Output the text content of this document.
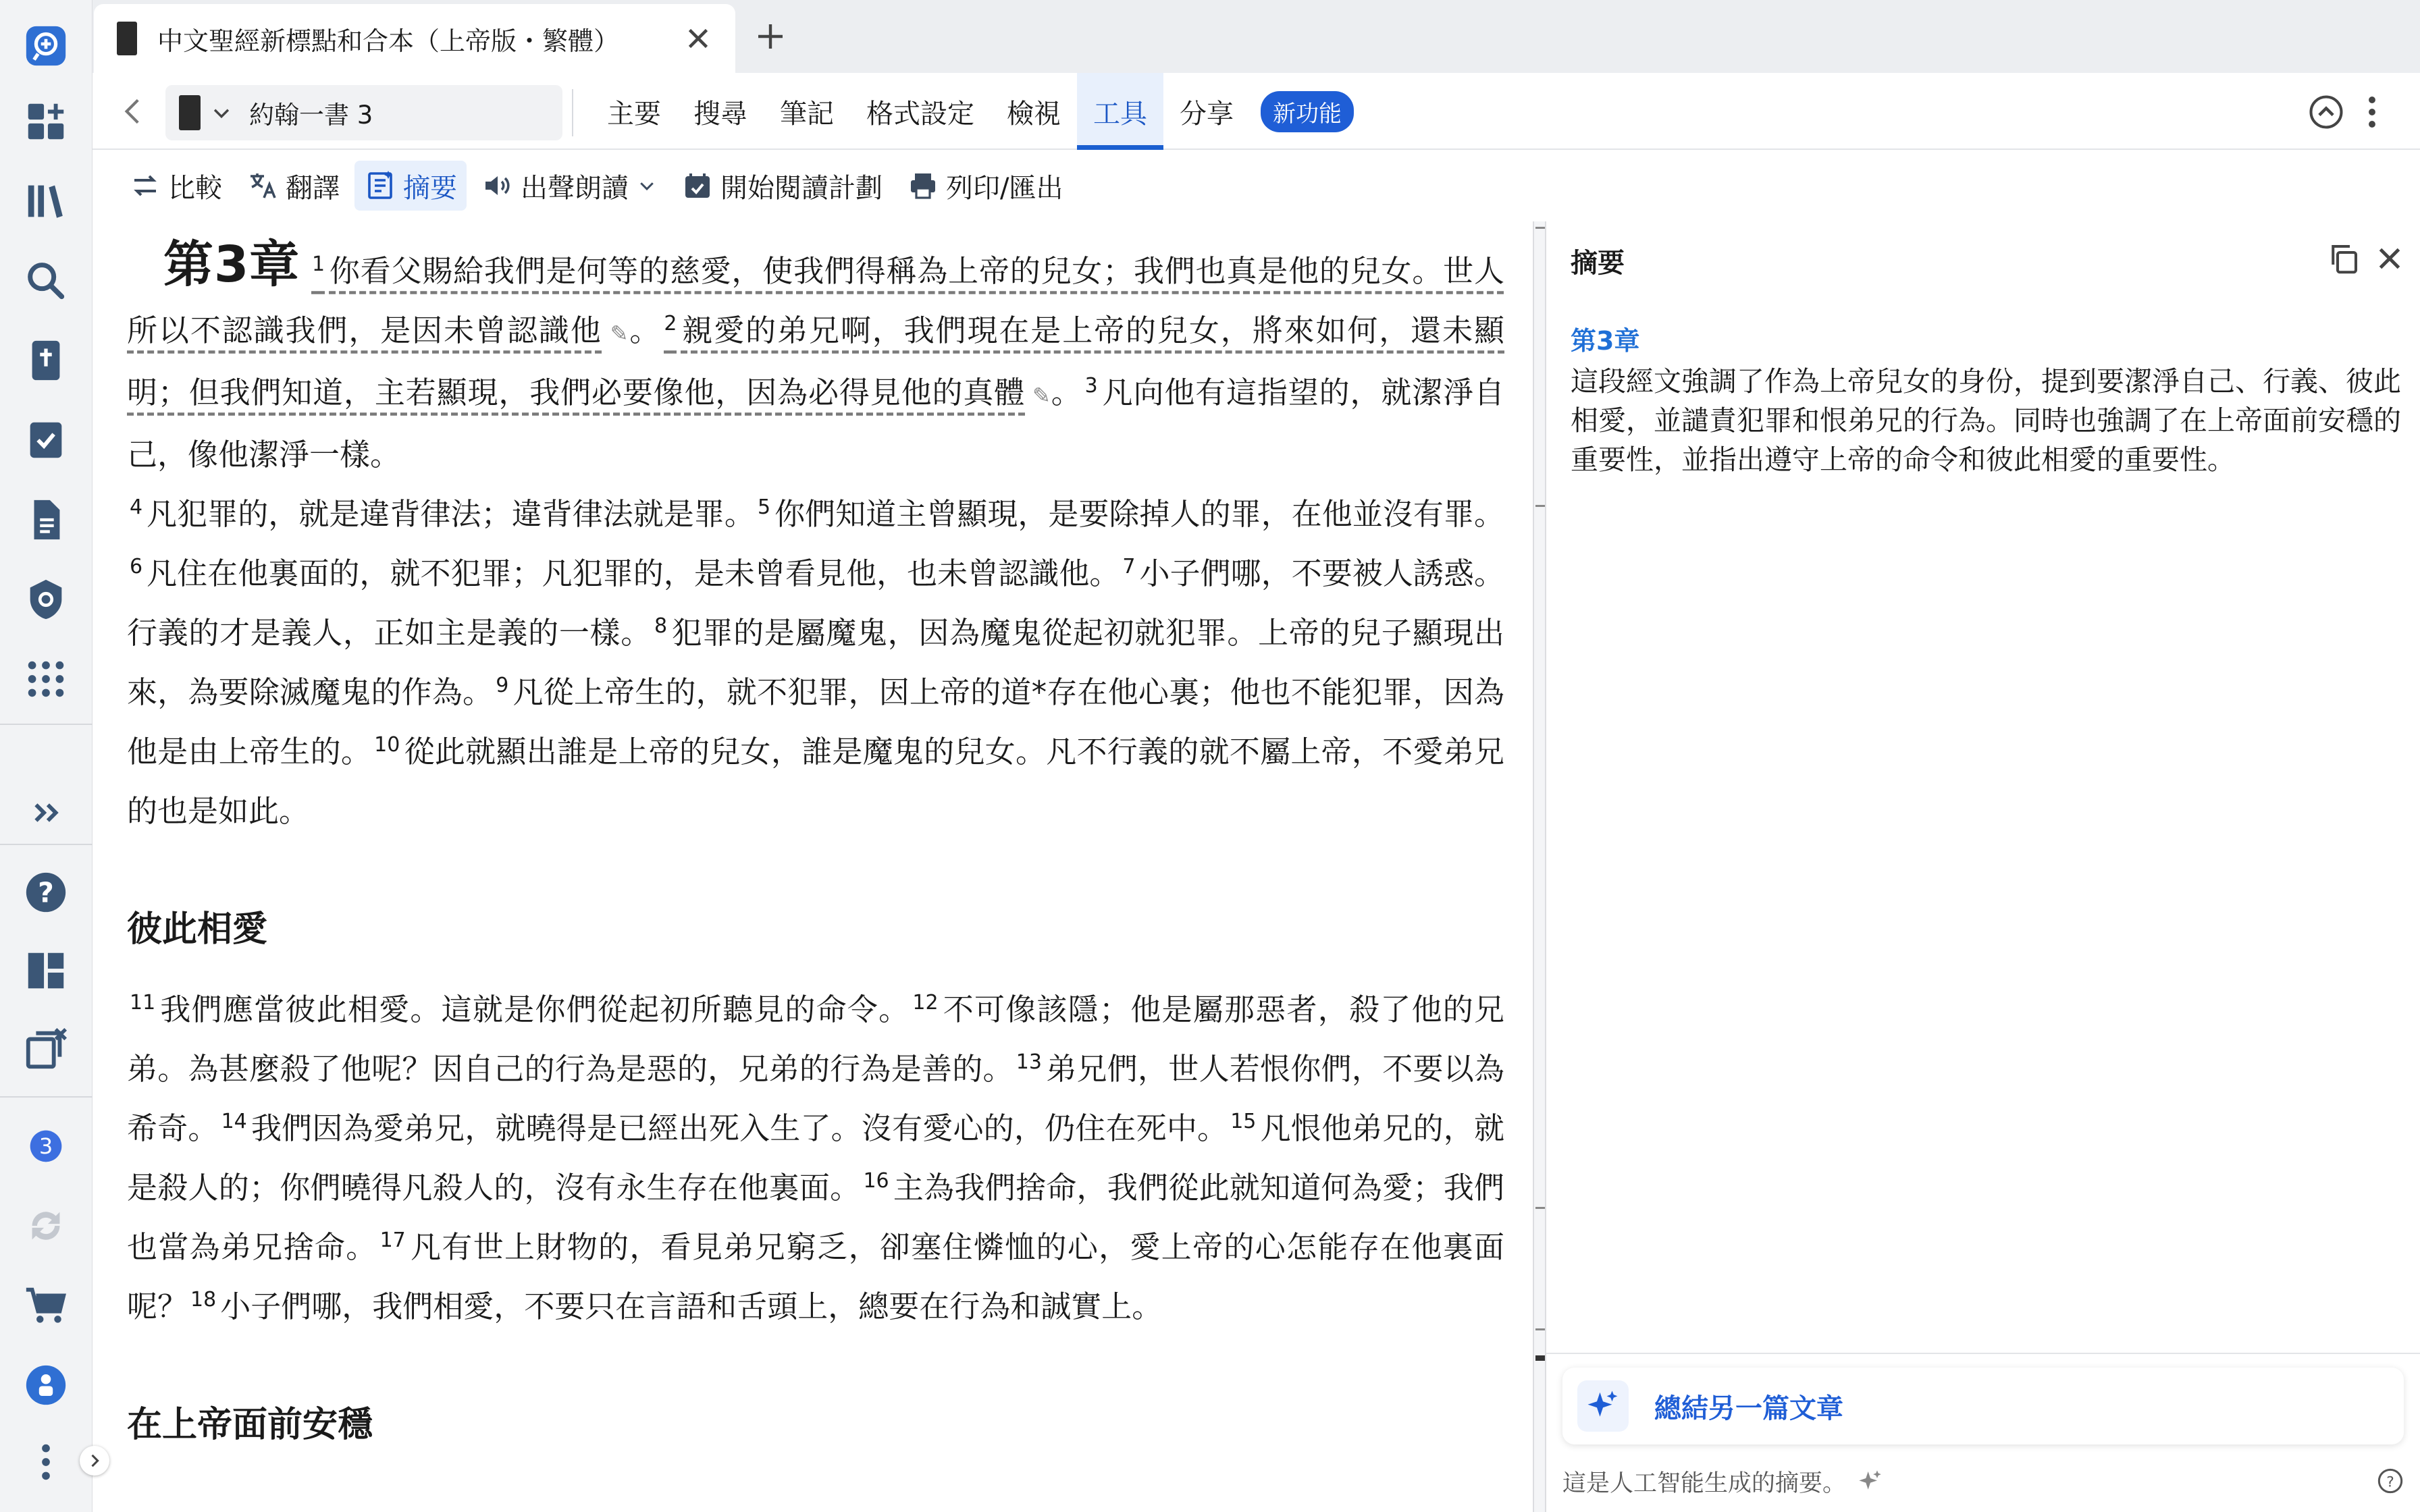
?
3
中文聖經新標點和合本（上帝版・繁體）
約翰一書 3	主要	搜尋	筆記	格式設定	檢視	工具	分享	新功能
比較 翻譯 摘要 出聲朗讀	開始閱讀計劃 列印/匯出

第3章 $^1$ 你看父賜給我們是何等的慈愛，使我們得稱為上帝的兒女；我們也真是他的兒女。世人所以不認識我們，是因未曾認識他 ✎。 $^2$ 親愛的弟兄啊，我們現在是上帝的兒女，將來如何，還未顯明；但我們知道，主若顯現，我們必要像他，因為必得見他的真體 ✎。 $^3$ 凡向他有這指望的，就潔淨自己，像他潔淨一樣。

$^4$ 凡犯罪的，就是違背律法；違背律法就是罪。 $^5$ 你們知道主曾顯現，是要除掉人的罪，在他並沒有罪。$^6$ 凡住在他裏面的，就不犯罪；凡犯罪的，是未曾看見他，也未曾認識他。 $^7$ 小子們哪，不要被人誘惑。行義的才是義人，正如主是義的一樣。 $^8$ 犯罪的是屬魔鬼，因為魔鬼從起初就犯罪。上帝的兒子顯現出來，為要除滅魔鬼的作為。 $^9$ 凡從上帝生的，就不犯罪，因上帝的道*存在他心裏；他也不能犯罪，因為他是由上帝生的。 $^{10}$ 從此就顯出誰是上帝的兒女，誰是魔鬼的兒女。凡不行義的就不屬上帝，不愛弟兄的也是如此。

彼此相愛

$^{11}$ 我們應當彼此相愛。這就是你們從起初所聽見的命令。 $^{12}$ 不可像該隱；他是屬那惡者，殺了他的兄弟。為甚麼殺了他呢？因自己的行為是惡的，兄弟的行為是善的。 $^{13}$ 弟兄們，世人若恨你們，不要以為希奇。 $^{14}$ 我們因為愛弟兄，就曉得是已經出死入生了。沒有愛心的，仍住在死中。 $^{15}$ 凡恨他弟兄的，就是殺人的；你們曉得凡殺人的，沒有永生存在他裏面。 $^{16}$ 主為我們捨命，我們從此就知道何為愛；我們也當為弟兄捨命。 $^{17}$ 凡有世上財物的，看見弟兄窮乏，卻塞住憐恤的心，愛上帝的心怎能存在他裏面呢？ $^{18}$ 小子們哪，我們相愛，不要只在言語和舌頭上，總要在行為和誠實上。

在上帝面前安穩
摘要
第3章
這段經文強調了作為上帝兒女的身份，提到要潔淨自己、行義、彼此相愛，並譴責犯罪和恨弟兄的行為。同時也強調了在上帝面前安穩的重要性，並指出遵守上帝的命令和彼此相愛的重要性。
總結另一篇文章
這是人工智能生成的摘要。	?
